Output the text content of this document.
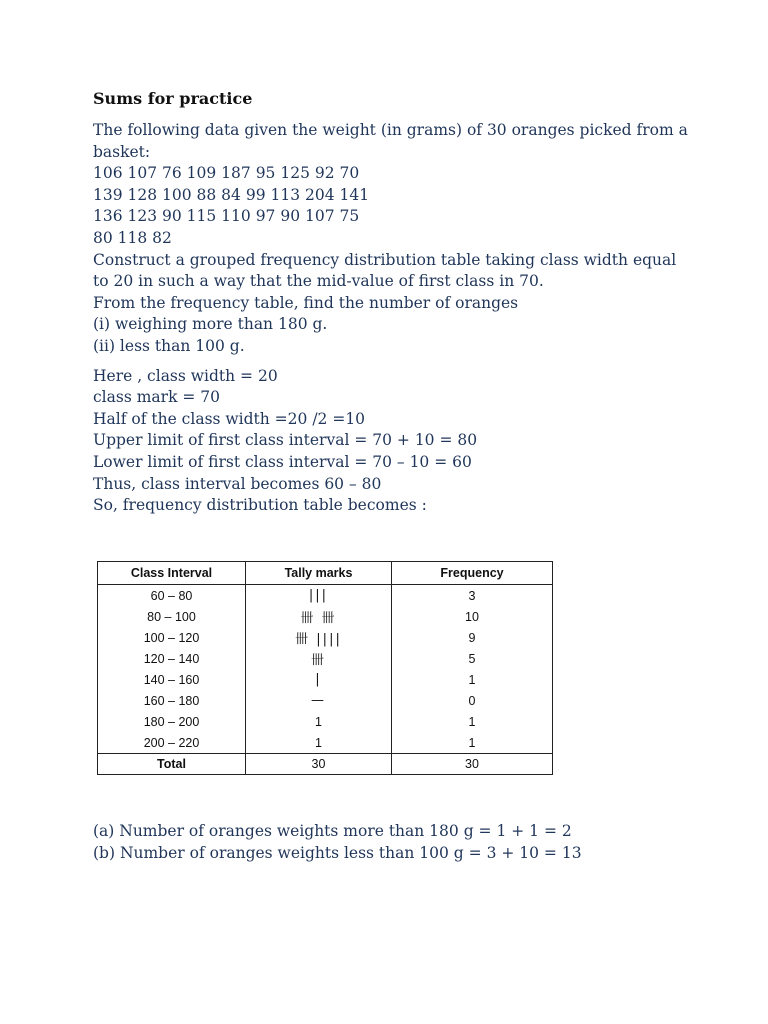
Sums for practice

The following data given the weight (in grams) of 30 oranges picked from a

basket:

106 107 76 109 187 95 125 92 70

139 128 100 88 84 99 113 204 141

136 123 90 115 110 97 90 107 75

80 118 82

Construct a grouped frequency distribution table taking class width equal

to 20 in such a way that the mid-value of first class in 70.

From the frequency table, find the number of oranges

(i) weighing more than 180 g.

(ii) less than 100 g.

Here , class width = 20

class mark = 70

Half of the class width =20 /2 =10

Upper limit of first class interval = 70 + 10 = 80

Lower limit of first class interval = 70 – 10 = 60

Thus, class interval becomes 60 – 80

So, frequency distribution table becomes :

Class Interval	Tally marks	Frequency
60 – 80	|||	3
80 – 100	卌 卌	10
100 – 120	卌 ||||	9
120 – 140	卌	5
140 – 160	|	1
160 – 180	—	0
180 – 200	1	1
200 – 220	1	1
Total	30	30

(a) Number of oranges weights more than 180 g = 1 + 1 = 2

(b) Number of oranges weights less than 100 g = 3 + 10 = 13
